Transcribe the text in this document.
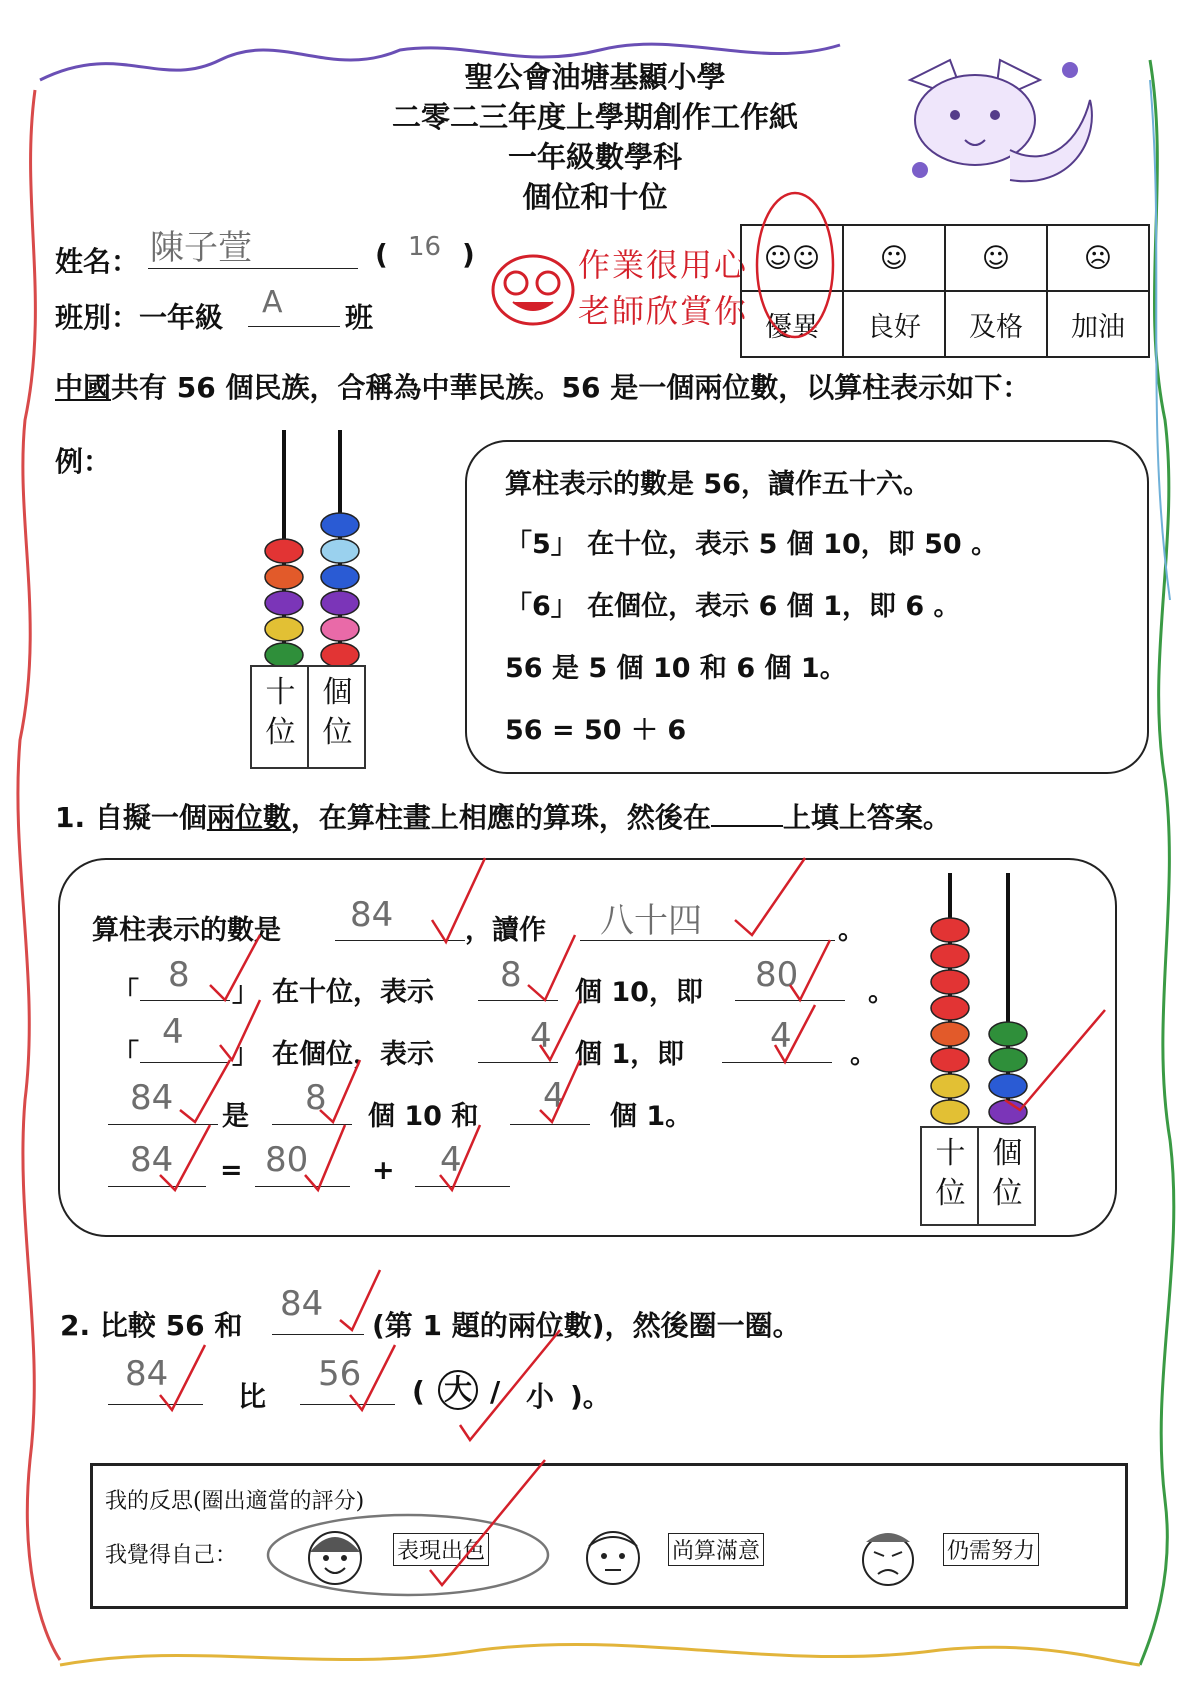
聖公會油塘基顯小學
二零二三年度上學期創作工作紙
一年級數學科
個位和十位
姓名： 陳子萱	( 16 )
班別：一年級 A 班
作業很用心
老師欣賞你
☺☺	☺	☺	☹
優異	良好	及格	加油
中國共有 56 個民族，合稱為中華民族。56 是一個兩位數，以算柱表示如下：
例：
十位
個位
算柱表示的數是 56，讀作五十六。
「5」 在十位，表示 5 個 10，即 50 。
「6」 在個位，表示 6 個 1，即 6 。
56 是 5 個 10 和 6 個 1。
56 = 50 ＋ 6
1. 自擬一個兩位數，在算柱畫上相應的算珠，然後在	上填上答案。
算柱表示的數是 84	，讀作 八十四	。
「 8 」 在十位，表示 8 個 10，即 80	。
「
4
」 在個位，表示	4 個 1，即	4 。
84 是 8 個 10 和
4
個 1。
84 = 80 + 4	十位
個位
2. 比較 56 和
84
(第 1 題的兩位數)，然後圈一圈。
84
比
56 ( 大 / 小 )。
我的反思(圈出適當的評分)
我覺得自己：	表現出色	尚算滿意	仍需努力
